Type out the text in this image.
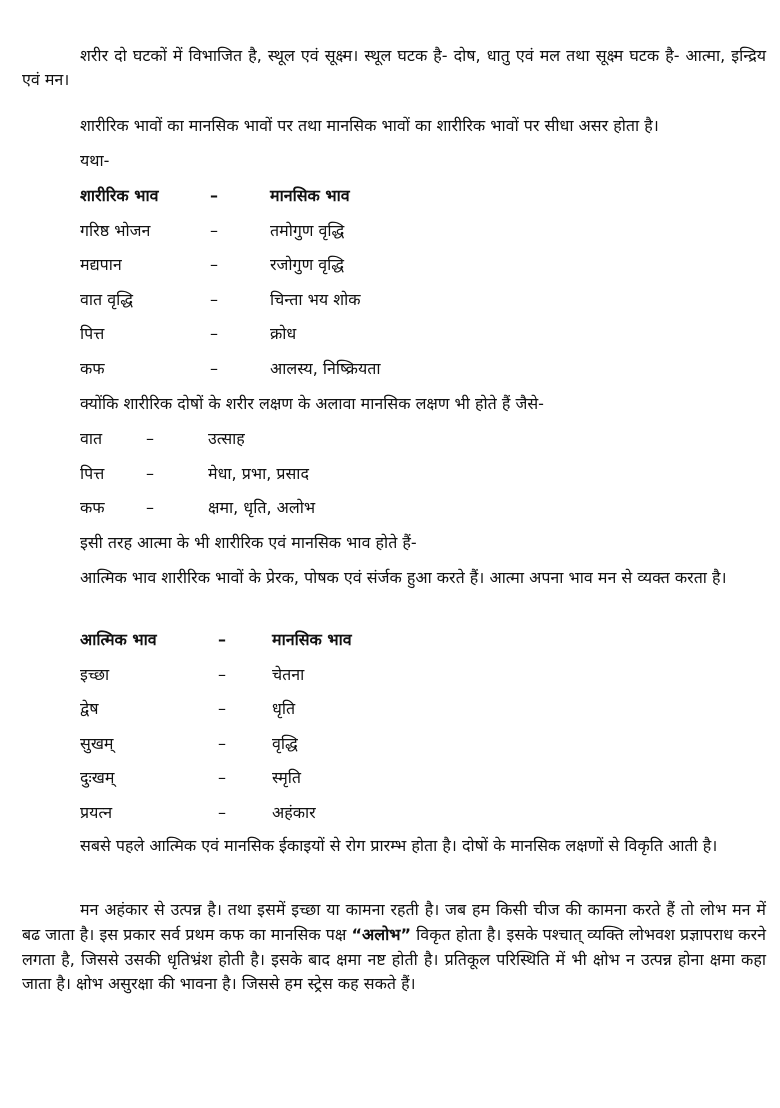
शरीर दो घटकों में विभाजित है, स्थूल एवं सूक्ष्म। स्थूल घटक है- दोष, धातु एवं मल तथा सूक्ष्म घटक है- आत्मा, इन्द्रिय एवं मन।

शारीरिक भावों का मानसिक भावों पर तथा मानसिक भावों का शारीरिक भावों पर सीधा असर होता है।

यथा-

शारीरिक भाव	–	मानसिक भाव
गरिष्ठ भोजन	–	तमोगुण वृद्धि
मद्यपान	–	रजोगुण वृद्धि
वात वृद्धि	–	चिन्ता भय शोक
पित्त	–	क्रोध
कफ	–	आलस्य, निष्क्रियता

क्योंकि शारीरिक दोषों के शरीर लक्षण के अलावा मानसिक लक्षण भी होते हैं जैसे-

वात	–	उत्साह
पित्त	–	मेधा, प्रभा, प्रसाद
कफ	–	क्षमा, धृति, अलोभ

इसी तरह आत्मा के भी शारीरिक एवं मानसिक भाव होते हैं-

आत्मिक भाव शारीरिक भावों के प्रेरक, पोषक एवं संर्जक हुआ करते हैं। आत्मा अपना भाव मन से व्यक्त करता है।

आत्मिक भाव	–	मानसिक भाव
इच्छा	–	चेतना
द्वेष	–	धृति
सुखम्	–	वृद्धि
दुःखम्	–	स्मृति
प्रयत्न	–	अहंकार

सबसे पहले आत्मिक एवं मानसिक ईकाइयों से रोग प्रारम्भ होता है। दोषों के मानसिक लक्षणों से विकृति आती है।

मन अहंकार से उत्पन्न है। तथा इसमें इच्छा या कामना रहती है। जब हम किसी चीज की कामना करते हैं तो लोभ मन में बढ जाता है। इस प्रकार सर्व प्रथम कफ का मानसिक पक्ष “अलोभ” विकृत होता है। इसके पश्चात् व्यक्ति लोभवश प्रज्ञापराध करने लगता है, जिससे उसकी धृतिभ्रंश होती है। इसके बाद क्षमा नष्ट होती है। प्रतिकूल परिस्थिति में भी क्षोभ न उत्पन्न होना क्षमा कहा जाता है। क्षोभ असुरक्षा की भावना है। जिससे हम स्ट्रेस कह सकते हैं।
